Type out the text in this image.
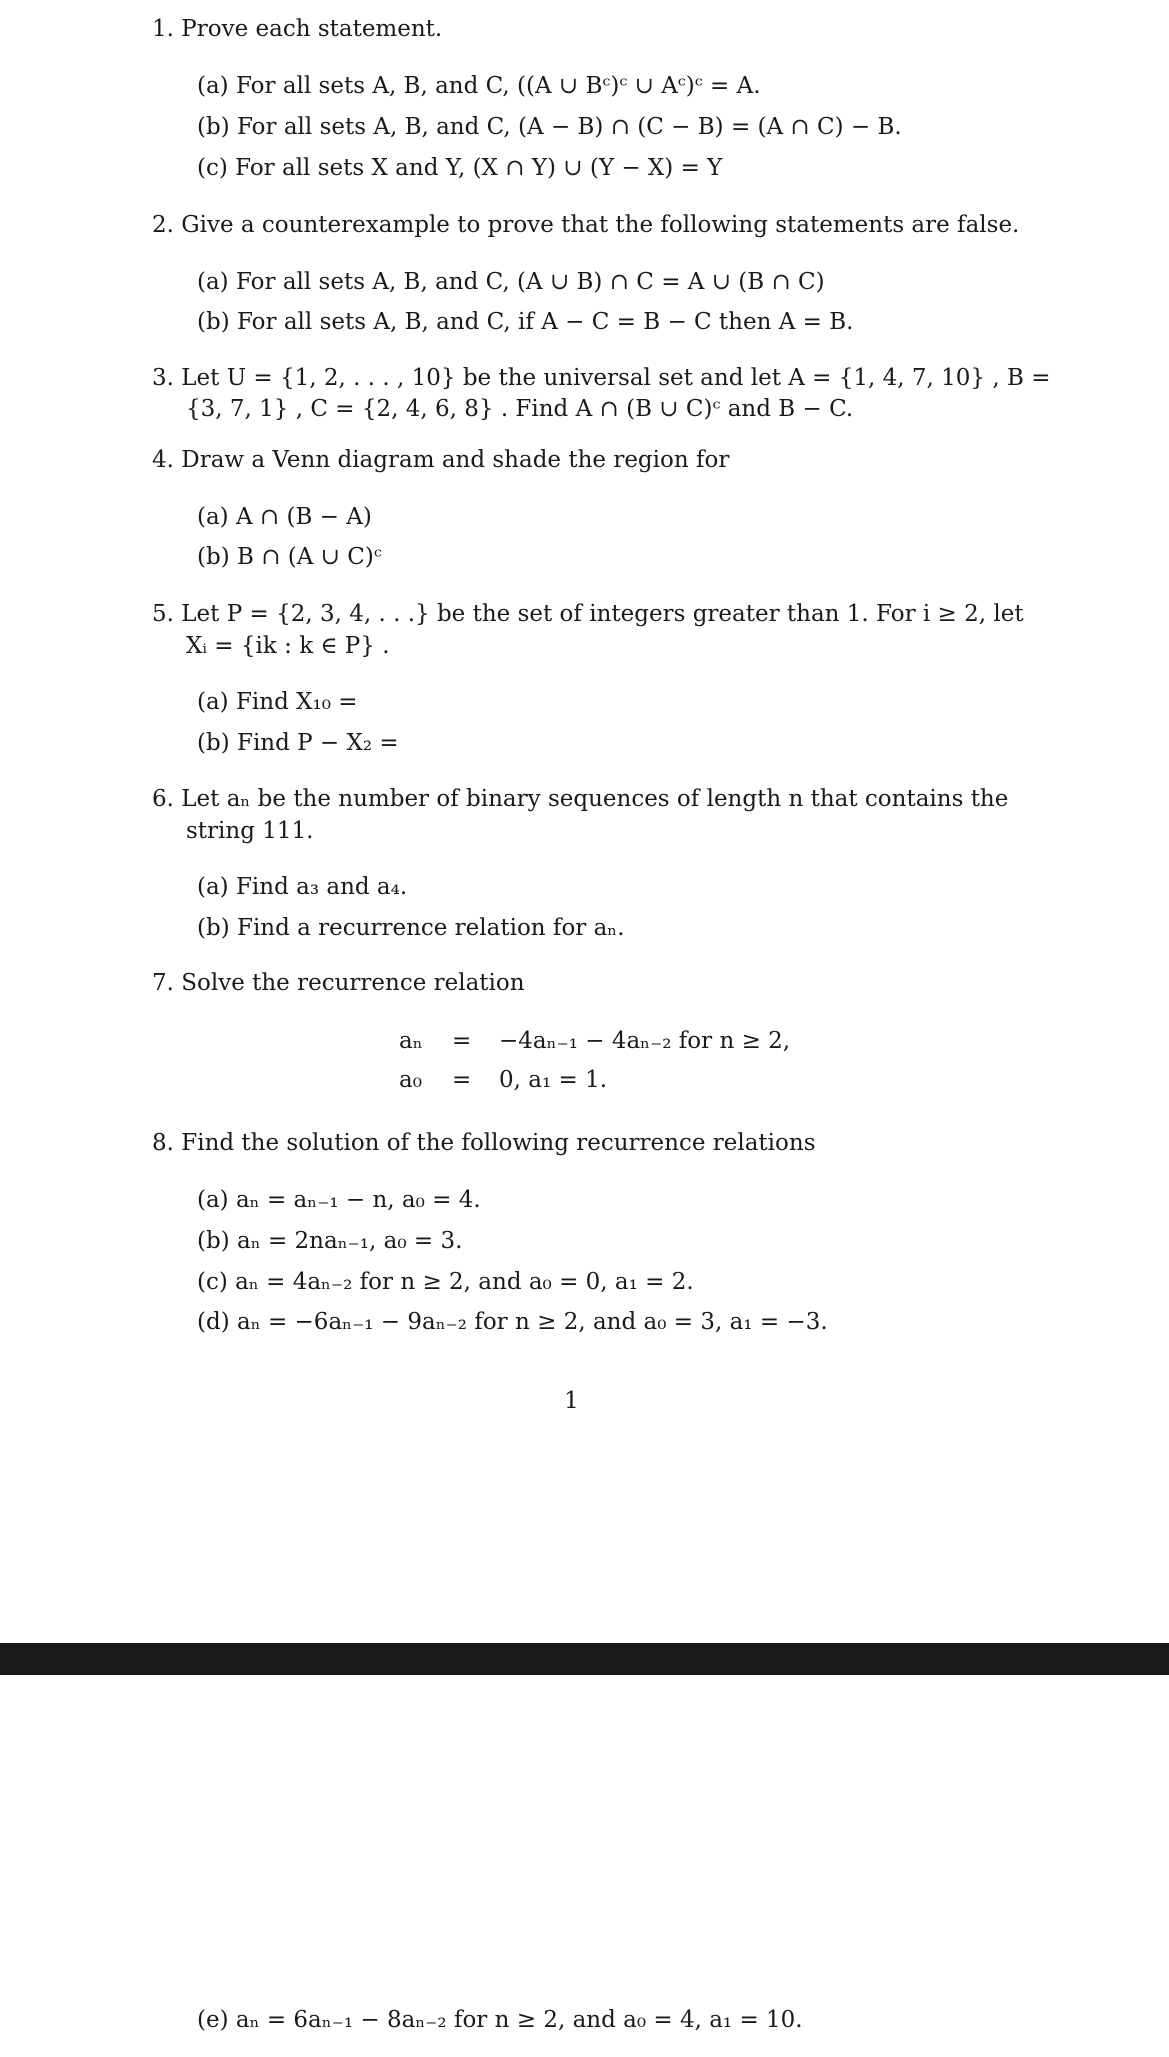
1. Prove each statement.
(a) For all sets A, B, and C, ((A ∪ Bᶜ)ᶜ ∪ Aᶜ)ᶜ = A.
(b) For all sets A, B, and C, (A − B) ∩ (C − B) = (A ∩ C) − B.
(c) For all sets X and Y, (X ∩ Y) ∪ (Y − X) = Y
2. Give a counterexample to prove that the following statements are false.
(a) For all sets A, B, and C, (A ∪ B) ∩ C = A ∪ (B ∩ C)
(b) For all sets A, B, and C, if A − C = B − C then A = B.
3. Let U = {1, 2, . . . , 10} be the universal set and let A = {1, 4, 7, 10} , B =
{3, 7, 1} , C = {2, 4, 6, 8} . Find A ∩ (B ∪ C)ᶜ and B − C.
4. Draw a Venn diagram and shade the region for
(a) A ∩ (B − A)
(b) B ∩ (A ∪ C)ᶜ
5. Let P = {2, 3, 4, . . .} be the set of integers greater than 1. For i ≥ 2, let
Xᵢ = {ik : k ∈ P} .
(a) Find X₁₀ =
(b) Find P − X₂ =
6. Let aₙ be the number of binary sequences of length n that contains the
string 111.
(a) Find a₃ and a₄.
(b) Find a recurrence relation for aₙ.
7. Solve the recurrence relation
aₙ = −4aₙ₋₁ − 4aₙ₋₂ for n ≥ 2,
a₀ = 0, a₁ = 1.
8. Find the solution of the following recurrence relations
(a) aₙ = aₙ₋₁ − n, a₀ = 4.
(b) aₙ = 2naₙ₋₁, a₀ = 3.
(c) aₙ = 4aₙ₋₂ for n ≥ 2, and a₀ = 0, a₁ = 2.
(d) aₙ = −6aₙ₋₁ − 9aₙ₋₂ for n ≥ 2, and a₀ = 3, a₁ = −3.
1
(e) aₙ = 6aₙ₋₁ − 8aₙ₋₂ for n ≥ 2, and a₀ = 4, a₁ = 10.
